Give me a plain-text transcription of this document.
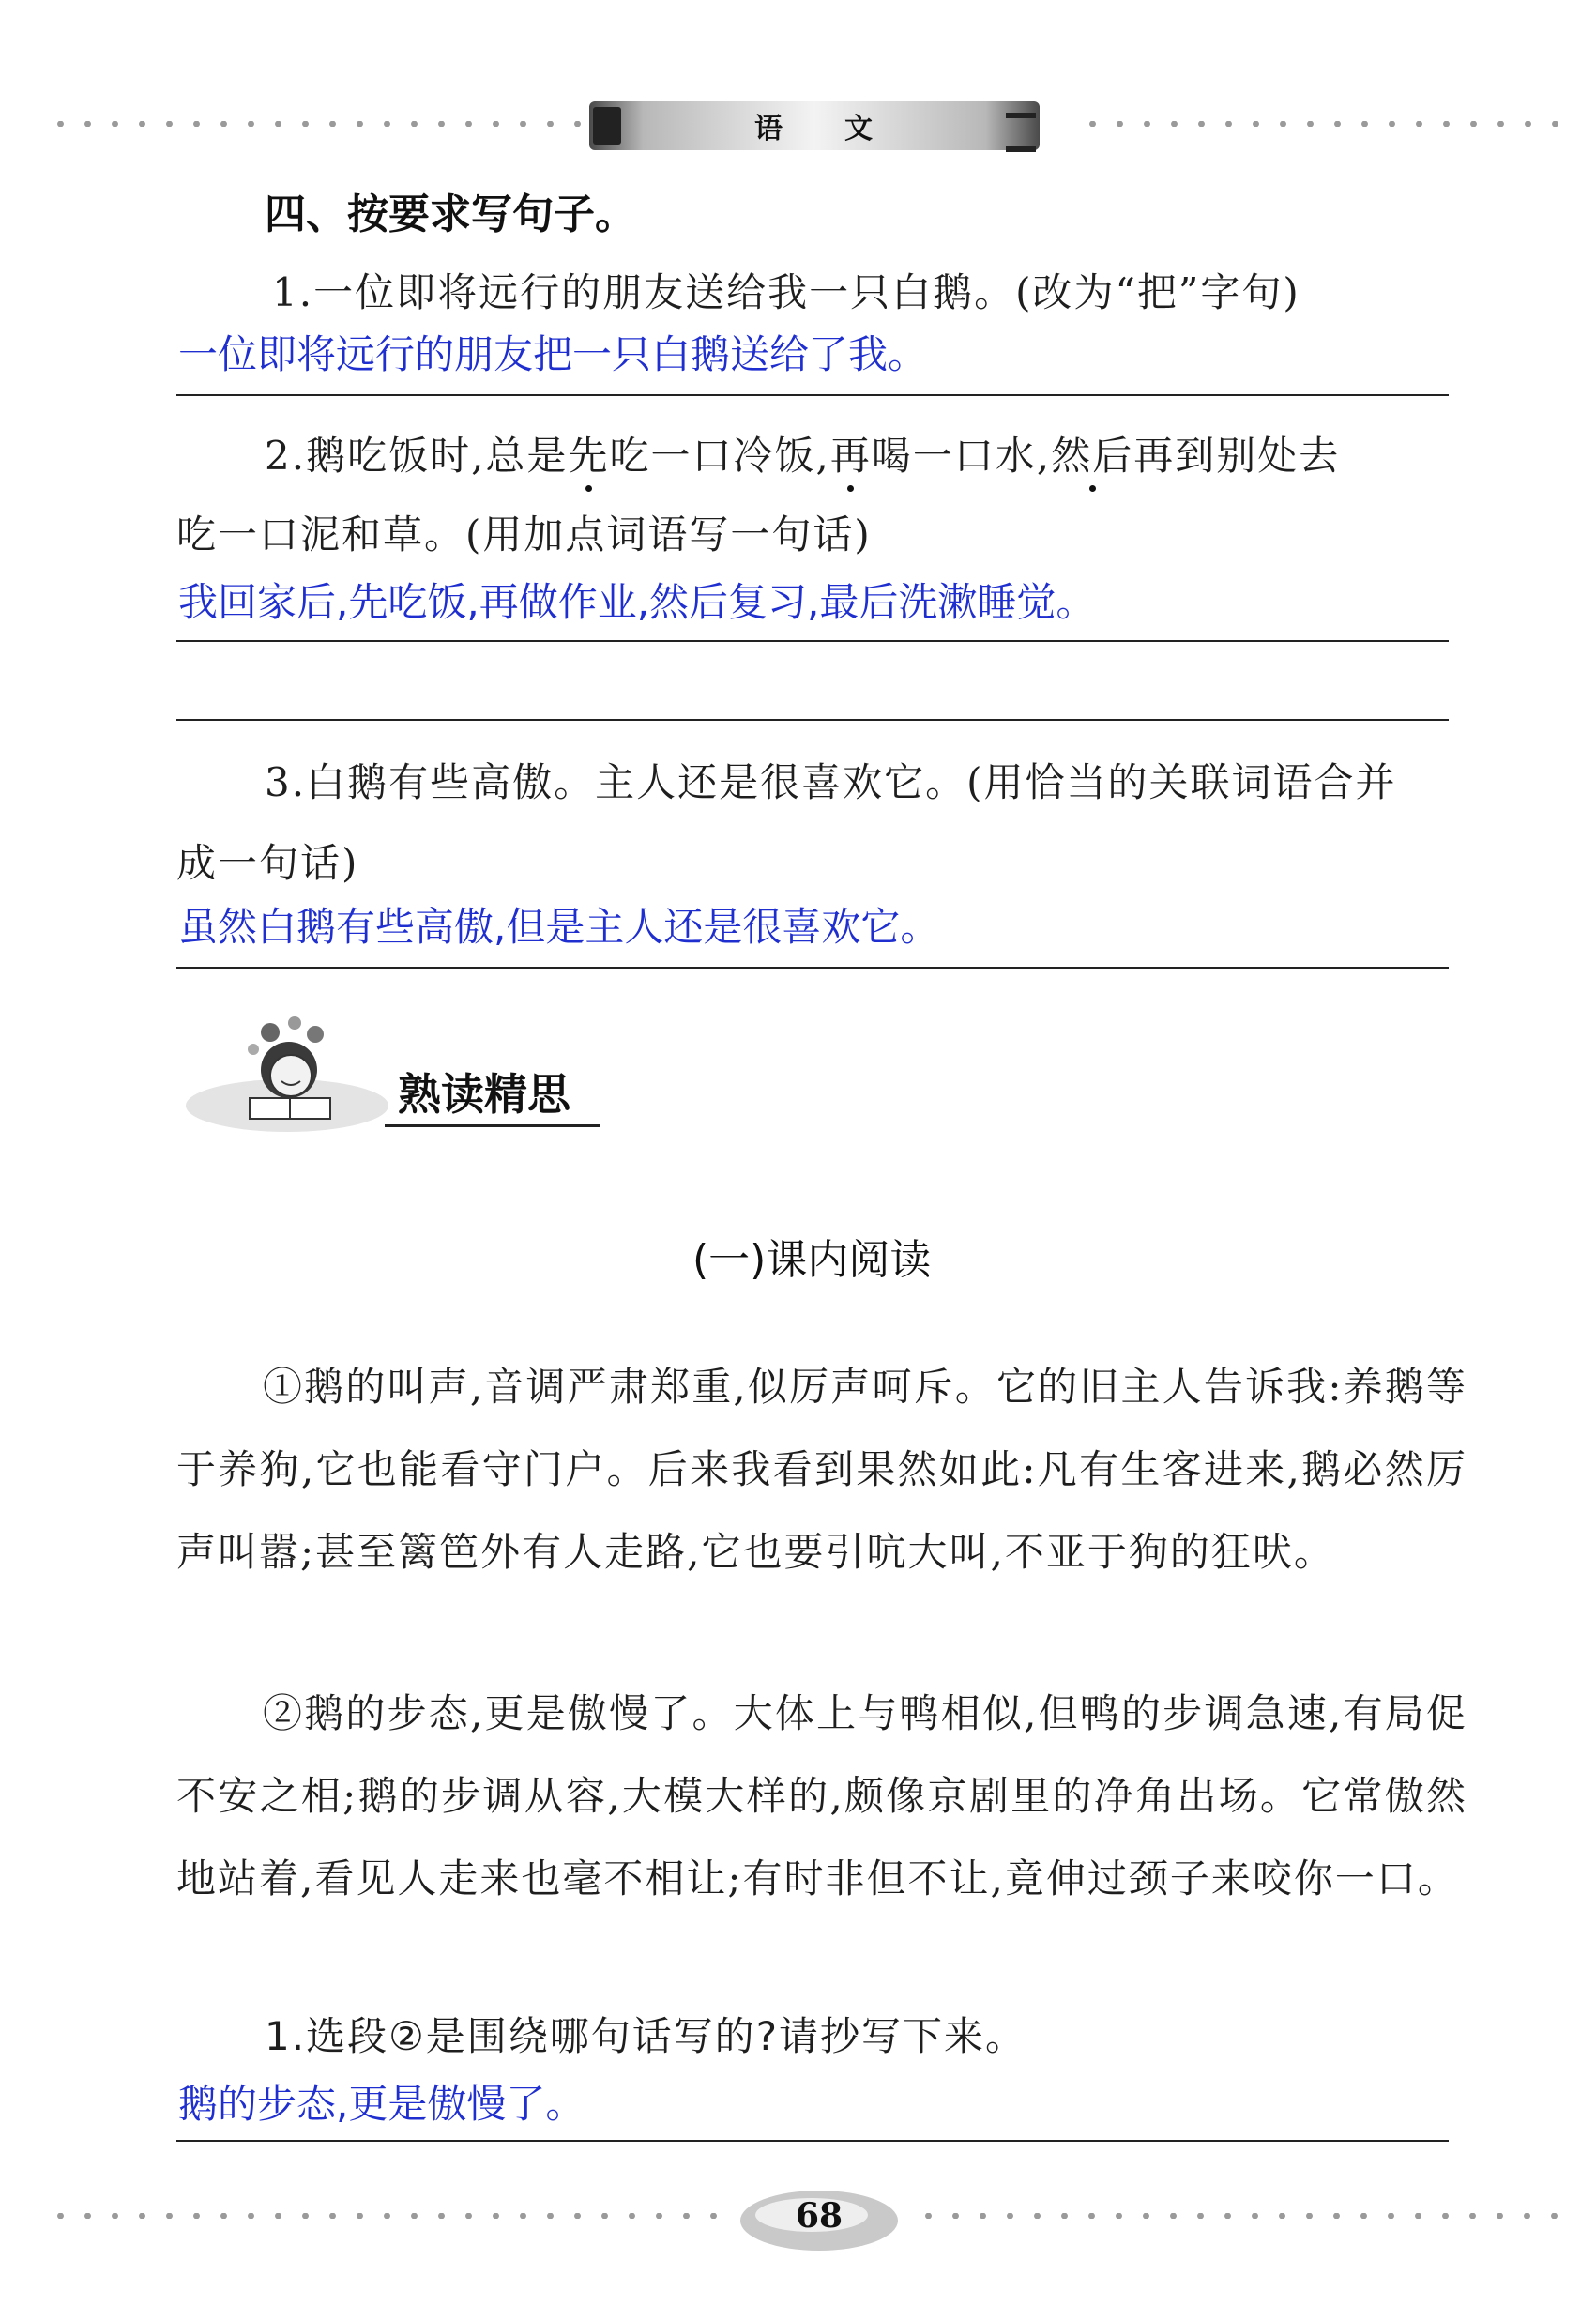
语 文
四、按要求写句子。
1.一位即将远行的朋友送给我一只白鹅。(改为“把”字句)
一位即将远行的朋友把一只白鹅送给了我。
2.鹅吃饭时,总是先吃一口冷饭,再喝一口水,然后再到别处去
吃一口泥和草。(用加点词语写一句话)
我回家后,先吃饭,再做作业,然后复习,最后洗漱睡觉。
3.白鹅有些高傲。主人还是很喜欢它。(用恰当的关联词语合并
成一句话)
虽然白鹅有些高傲,但是主人还是很喜欢它。
熟读精思
(一)课内阅读
①鹅的叫声,音调严肃郑重,似厉声呵斥。它的旧主人告诉我:养鹅等于养狗,它也能看守门户。后来我看到果然如此:凡有生客进来,鹅必然厉声叫嚣;甚至篱笆外有人走路,它也要引吭大叫,不亚于狗的狂吠。
②鹅的步态,更是傲慢了。大体上与鸭相似,但鸭的步调急速,有局促不安之相;鹅的步调从容,大模大样的,颇像京剧里的净角出场。它常傲然地站着,看见人走来也毫不相让;有时非但不让,竟伸过颈子来咬你一口。
1.选段②是围绕哪句话写的?请抄写下来。
鹅的步态,更是傲慢了。
68
